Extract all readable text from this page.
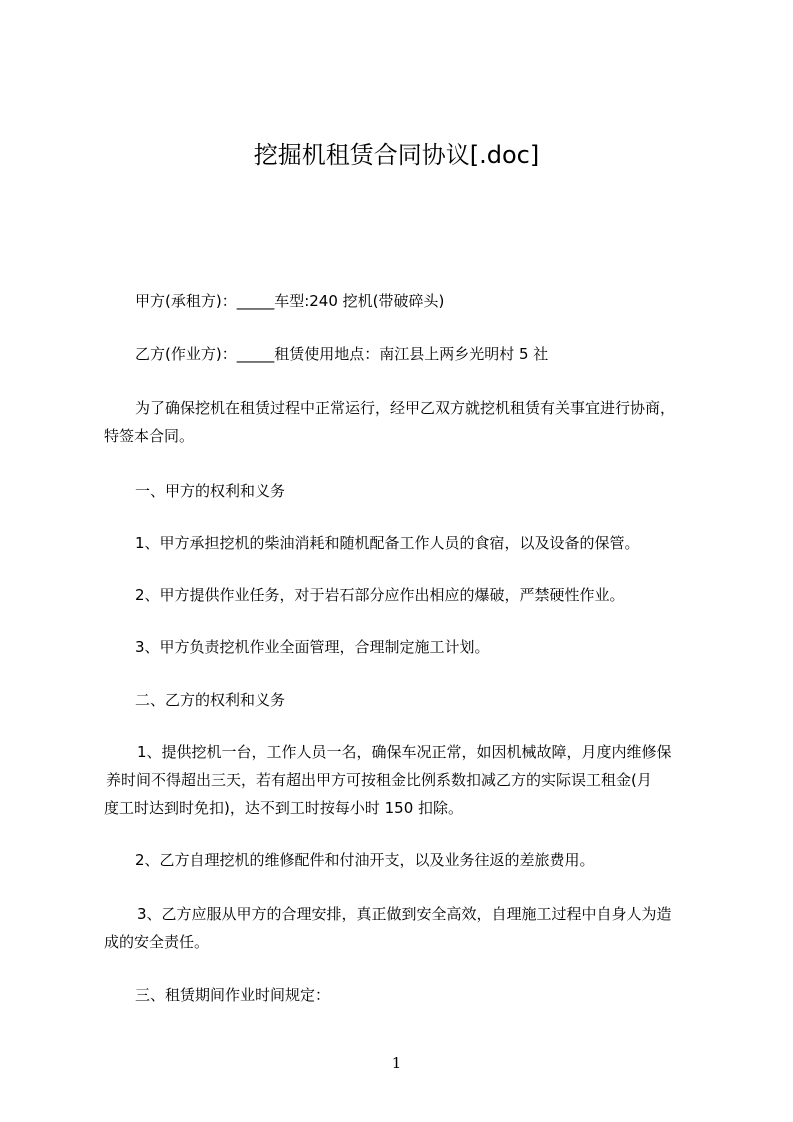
挖掘机租赁合同协议[.doc]
甲方(承租方)：_____车型:240 挖机(带破碎头)
乙方(作业方)：_____租赁使用地点：南江县上两乡光明村 5 社
为了确保挖机在租赁过程中正常运行，经甲乙双方就挖机租赁有关事宜进行协商，
特签本合同。
一、甲方的权利和义务
1、甲方承担挖机的柴油消耗和随机配备工作人员的食宿，以及设备的保管。
2、甲方提供作业任务，对于岩石部分应作出相应的爆破，严禁硬性作业。
3、甲方负责挖机作业全面管理，合理制定施工计划。
二、乙方的权利和义务
1、提供挖机一台，工作人员一名，确保车况正常，如因机械故障，月度内维修保
养时间不得超出三天，若有超出甲方可按租金比例系数扣减乙方的实际误工租金(月
度工时达到时免扣)，达不到工时按每小时 150 扣除。
2、乙方自理挖机的维修配件和付油开支，以及业务往返的差旅费用。
3、乙方应服从甲方的合理安排，真正做到安全高效，自理施工过程中自身人为造
成的安全责任。
三、租赁期间作业时间规定：
1
